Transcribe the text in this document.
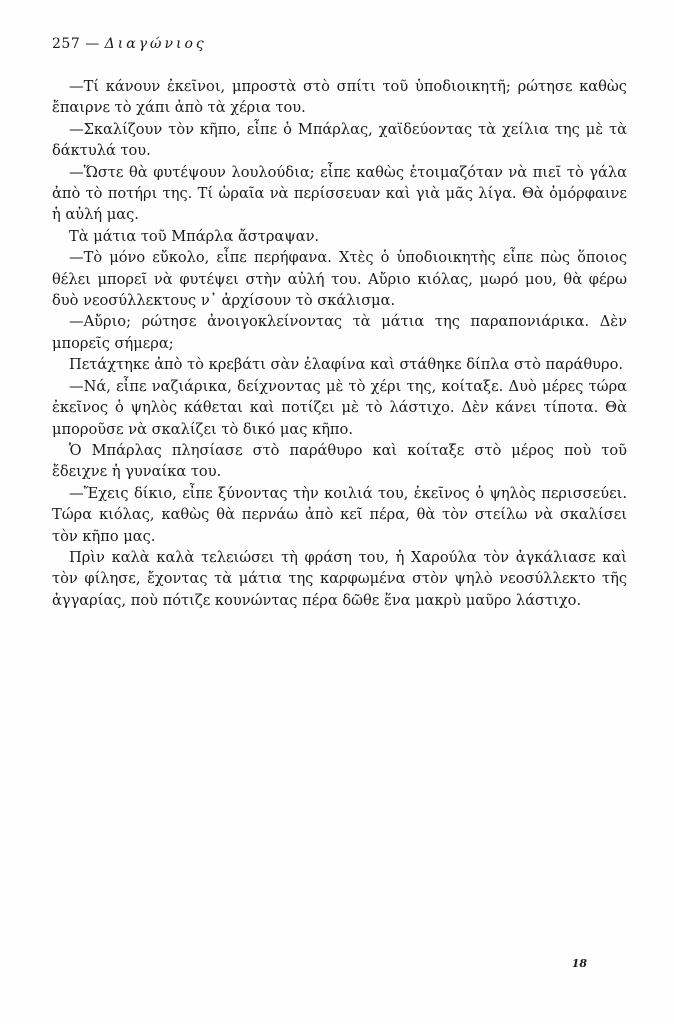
257 — Διαγώνιος

—Τί κάνουν ἐκεῖνοι, μπροστὰ στὸ σπίτι τοῦ ὑποδιοικητῆ; ρώτησε καθὼς ἔπαιρνε τὸ χάπι ἀπὸ τὰ χέρια του.

—Σκαλίζουν τὸν κῆπο, εἶπε ὁ Μπάρλας, χαϊδεύοντας τὰ χείλια της μὲ τὰ δάκτυλά του.

—Ὥστε θὰ φυτέψουν λουλούδια; εἶπε καθὼς ἑτοιμαζόταν νὰ πιεῖ τὸ γάλα ἀπὸ τὸ ποτήρι της. Τί ὡραῖα νὰ περίσσευαν καὶ γιὰ μᾶς λίγα. Θὰ ὀμόρφαινε ἡ αὐλή μας.

Τὰ μάτια τοῦ Μπάρλα ἄστραψαν.

—Τὸ μόνο εὔκολο, εἶπε περήφανα. Χτὲς ὁ ὑποδιοικητὴς εἶπε πὼς ὅποιος θέλει μπορεῖ νὰ φυτέψει στὴν αὐλή του. Αὔριο κιόλας, μωρό μου, θὰ φέρω δυὸ νεοσύλλεκτους ν᾽ ἀρχίσουν τὸ σκάλισμα.

—Αὔριο; ρώτησε ἀνοιγοκλείνοντας τὰ μάτια της παραπονιάρικα. Δὲν μπορεῖς σήμερα;

Πετάχτηκε ἀπὸ τὸ κρεβάτι σὰν ἐλαφίνα καὶ στάθηκε δίπλα στὸ παράθυρο.

—Νά, εἶπε ναζιάρικα, δείχνοντας μὲ τὸ χέρι της, κοίταξε. Δυὸ μέρες τώρα ἐκεῖνος ὁ ψηλὸς κάθεται καὶ ποτίζει μὲ τὸ λάστιχο. Δὲν κάνει τίποτα. Θὰ μποροῦσε νὰ σκαλίζει τὸ δικό μας κῆπο.

Ὁ Μπάρλας πλησίασε στὸ παράθυρο καὶ κοίταξε στὸ μέρος ποὺ τοῦ ἔδειχνε ἡ γυναίκα του.

—Ἔχεις δίκιο, εἶπε ξύνοντας τὴν κοιλιά του, ἐκεῖνος ὁ ψηλὸς περισσεύει. Τώρα κιόλας, καθὼς θὰ περνάω ἀπὸ κεῖ πέρα, θὰ τὸν στείλω νὰ σκαλίσει τὸν κῆπο μας.

Πρὶν καλὰ καλὰ τελειώσει τὴ φράση του, ἡ Χαρούλα τὸν ἀγκάλιασε καὶ τὸν φίλησε, ἔχοντας τὰ μάτια της καρφωμένα στὸν ψηλὸ νεοσύλλεκτο τῆς ἀγγαρίας, ποὺ πότιζε κουνώντας πέρα δῶθε ἕνα μακρὺ μαῦρο λάστιχο.

18
